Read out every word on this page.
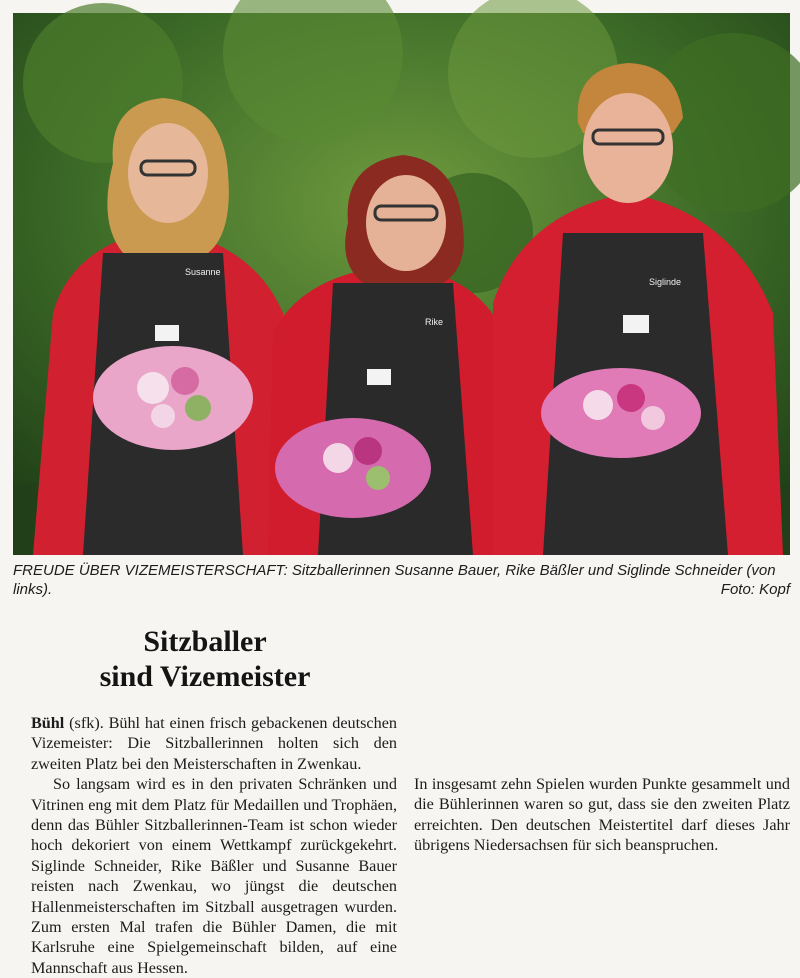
Susanne
Rike
Siglinde
FREUDE ÜBER VIZEMEISTERSCHAFT: Sitzballerinnen Susanne Bauer, Rike Bäßler und Siglinde Schneider (von links).	Foto: Kopf
Sitzballer
sind Vizemeister

Bühl (sfk). Bühl hat einen frisch gebackenen deutschen Vizemeister: Die Sitzballerinnen holten sich den zweiten Platz bei den Meisterschaften in Zwenkau.

So langsam wird es in den privaten Schränken und Vitrinen eng mit dem Platz für Medaillen und Trophäen, denn das Bühler Sitzballerinnen-Team ist schon wieder hoch dekoriert von einem Wettkampf zurückgekehrt. Siglinde Schneider, Rike Bäßler und Susanne Bauer reisten nach Zwenkau, wo jüngst die deutschen Hallenmeisterschaften im Sitzball ausgetragen wurden. Zum ersten Mal trafen die Bühler Damen, die mit Karlsruhe eine Spielgemeinschaft bilden, auf eine Mannschaft aus Hessen.

In insgesamt zehn Spielen wurden Punkte gesammelt und die Bühlerinnen waren so gut, dass sie den zweiten Platz erreichten. Den deutschen Meistertitel darf dieses Jahr übrigens Niedersachsen für sich beanspruchen.
